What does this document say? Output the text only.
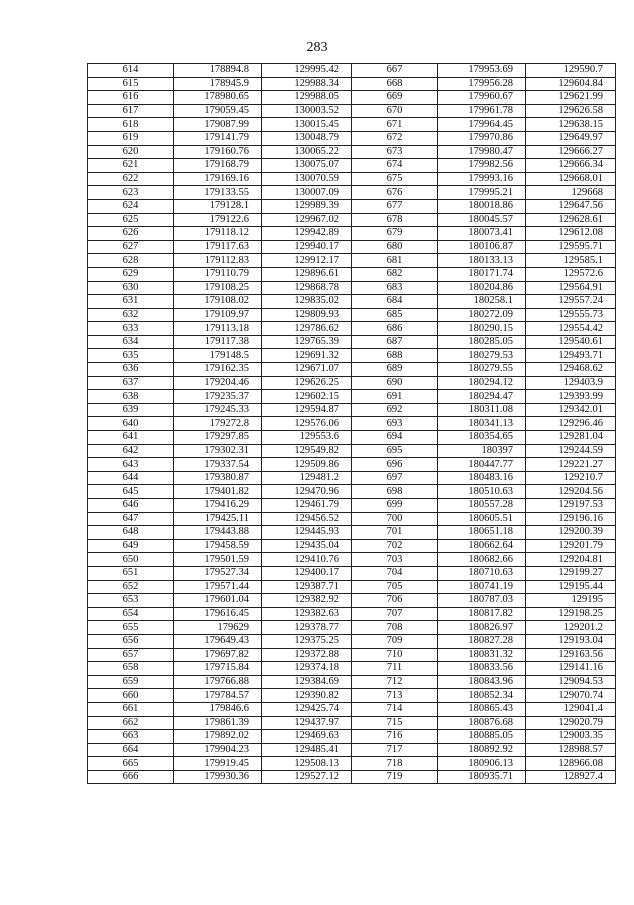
283
614	178894.8	129995.42	667	179953.69	129590.7
615	178945.9	129988.34	668	179956.28	129604.84
616	178980.65	129988.05	669	179960.67	129621.99
617	179059.45	130003.52	670	179961.78	129626.58
618	179087.99	130015.45	671	179964.45	129638.15
619	179141.79	130048.79	672	179970.86	129649.97
620	179160.76	130065.22	673	179980.47	129666.27
621	179168.79	130075.07	674	179982.56	129666.34
622	179169.16	130070.59	675	179993.16	129668.01
623	179133.55	130007.09	676	179995.21	129668
624	179128.1	129989.39	677	180018.86	129647.56
625	179122.6	129967.02	678	180045.57	129628.61
626	179118.12	129942.89	679	180073.41	129612.08
627	179117.63	129940.17	680	180106.87	129595.71
628	179112.83	129912.17	681	180133.13	129585.1
629	179110.79	129896.61	682	180171.74	129572.6
630	179108.25	129868.78	683	180204.86	129564.91
631	179108.02	129835.02	684	180258.1	129557.24
632	179109.97	129809.93	685	180272.09	129555.73
633	179113.18	129786.62	686	180290.15	129554.42
634	179117.38	129765.39	687	180285.05	129540.61
635	179148.5	129691.32	688	180279.53	129493.71
636	179162.35	129671.07	689	180279.55	129468.62
637	179204.46	129626.25	690	180294.12	129403.9
638	179235.37	129602.15	691	180294.47	129393.99
639	179245.33	129594.87	692	180311.08	129342.01
640	179272.8	129576.06	693	180341.13	129296.46
641	179297.85	129553.6	694	180354.65	129281.04
642	179302.31	129549.82	695	180397	129244.59
643	179337.54	129509.86	696	180447.77	129221.27
644	179380.87	129481.2	697	180483.16	129210.7
645	179401.82	129470.96	698	180510.63	129204.56
646	179416.29	129461.79	699	180557.28	129197.53
647	179425.11	129456.52	700	180605.51	129196.16
648	179443.88	129445.93	701	180651.18	129200.39
649	179458.59	129435.04	702	180662.64	129201.79
650	179501.59	129410.76	703	180682.66	129204.81
651	179527.34	129400.17	704	180710.63	129199.27
652	179571.44	129387.71	705	180741.19	129195.44
653	179601.04	129382.92	706	180787.03	129195
654	179616.45	129382.63	707	180817.82	129198.25
655	179629	129378.77	708	180826.97	129201.2
656	179649.43	129375.25	709	180827.28	129193.04
657	179697.82	129372.88	710	180831.32	129163.56
658	179715.84	129374.18	711	180833.56	129141.16
659	179766.88	129384.69	712	180843.96	129094.53
660	179784.57	129390.82	713	180852.34	129070.74
661	179846.6	129425.74	714	180865.43	129041.4
662	179861.39	129437.97	715	180876.68	129020.79
663	179892.02	129469.63	716	180885.05	129003.35
664	179904.23	129485.41	717	180892.92	128988.57
665	179919.45	129508.13	718	180906.13	128966.08
666	179930.36	129527.12	719	180935.71	128927.4
